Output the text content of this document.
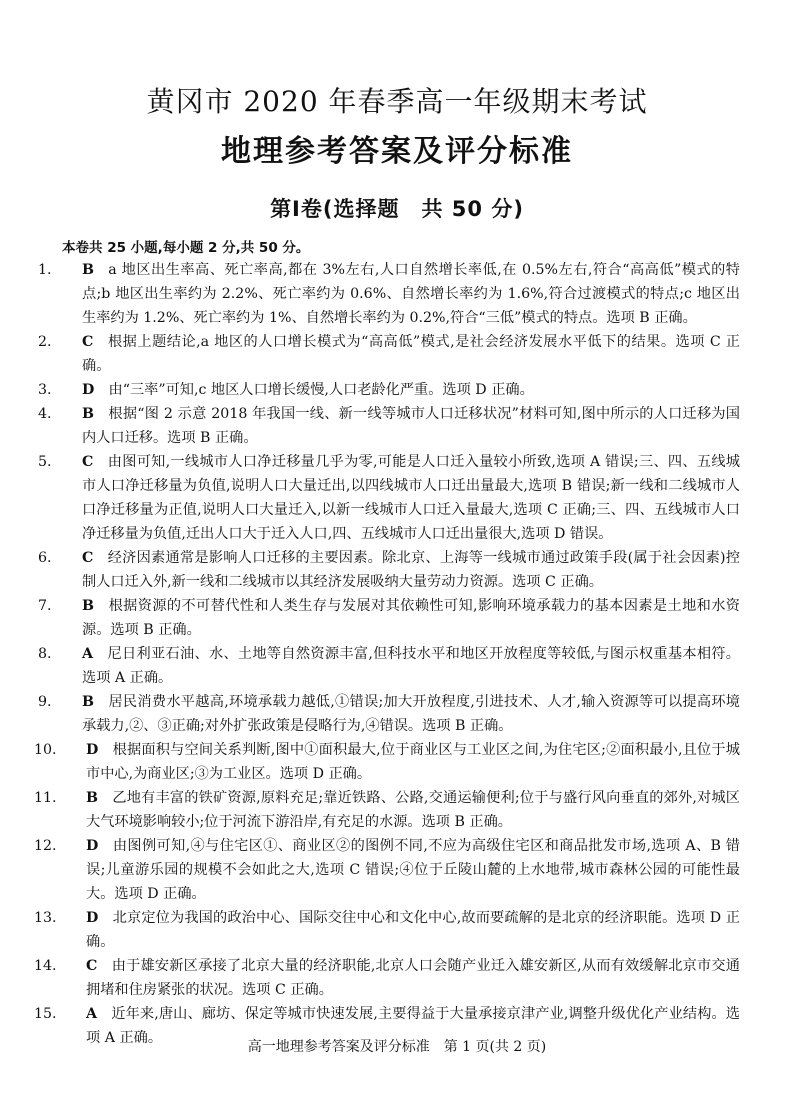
黄冈市 2020 年春季高一年级期末考试
地理参考答案及评分标准
第Ⅰ卷(选择题　共 50 分)
本卷共 25 小题,每小题 2 分,共 50 分。
1.	B  a 地区出生率高、死亡率高,都在 3%左右,人口自然增长率低,在 0.5%左右,符合“高高低”模式的特点;b 地区出生率约为 2.2%、死亡率约为 0.6%、自然增长率约为 1.6%,符合过渡模式的特点;c 地区出生率约为 1.2%、死亡率约为 1%、自然增长率约为 0.2%,符合“三低”模式的特点。选项 B 正确。
2.	C  根据上题结论,a 地区的人口增长模式为“高高低”模式,是社会经济发展水平低下的结果。选项 C 正确。
3.	D  由“三率”可知,c 地区人口增长缓慢,人口老龄化严重。选项 D 正确。
4.	B  根据“图 2 示意 2018 年我国一线、新一线等城市人口迁移状况”材料可知,图中所示的人口迁移为国内人口迁移。选项 B 正确。
5.	C  由图可知,一线城市人口净迁移量几乎为零,可能是人口迁入量较小所致,选项 A 错误;三、四、五线城市人口净迁移量为负值,说明人口大量迁出,以四线城市人口迁出量最大,选项 B 错误;新一线和二线城市人口净迁移量为正值,说明人口大量迁入,以新一线城市人口迁入量最大,选项 C 正确;三、四、五线城市人口净迁移量为负值,迁出人口大于迁入人口,四、五线城市人口迁出量很大,选项 D 错误。
6.	C  经济因素通常是影响人口迁移的主要因素。除北京、上海等一线城市通过政策手段(属于社会因素)控制人口迁入外,新一线和二线城市以其经济发展吸纳大量劳动力资源。选项 C 正确。
7.	B  根据资源的不可替代性和人类生存与发展对其依赖性可知,影响环境承载力的基本因素是土地和水资源。选项 B 正确。
8.	A  尼日利亚石油、水、土地等自然资源丰富,但科技水平和地区开放程度等较低,与图示权重基本相符。选项 A 正确。
9.	B  居民消费水平越高,环境承载力越低,①错误;加大开放程度,引进技术、人才,输入资源等可以提高环境承载力,②、③正确;对外扩张政策是侵略行为,④错误。选项 B 正确。
10.	D  根据面积与空间关系判断,图中①面积最大,位于商业区与工业区之间,为住宅区;②面积最小,且位于城市中心,为商业区;③为工业区。选项 D 正确。
11.	B  乙地有丰富的铁矿资源,原料充足;靠近铁路、公路,交通运输便利;位于与盛行风向垂直的郊外,对城区大气环境影响较小;位于河流下游沿岸,有充足的水源。选项 B 正确。
12.	D  由图例可知,④与住宅区①、商业区②的图例不同,不应为高级住宅区和商品批发市场,选项 A、B 错误;儿童游乐园的规模不会如此之大,选项 C 错误;④位于丘陵山麓的上水地带,城市森林公园的可能性最大。选项 D 正确。
13.	D  北京定位为我国的政治中心、国际交往中心和文化中心,故而要疏解的是北京的经济职能。选项 D 正确。
14.	C  由于雄安新区承接了北京大量的经济职能,北京人口会随产业迁入雄安新区,从而有效缓解北京市交通拥堵和住房紧张的状况。选项 C 正确。
15.	A  近年来,唐山、廊坊、保定等城市快速发展,主要得益于大量承接京津产业,调整升级优化产业结构。选项 A 正确。
高一地理参考答案及评分标准　第 1 页(共 2 页)
